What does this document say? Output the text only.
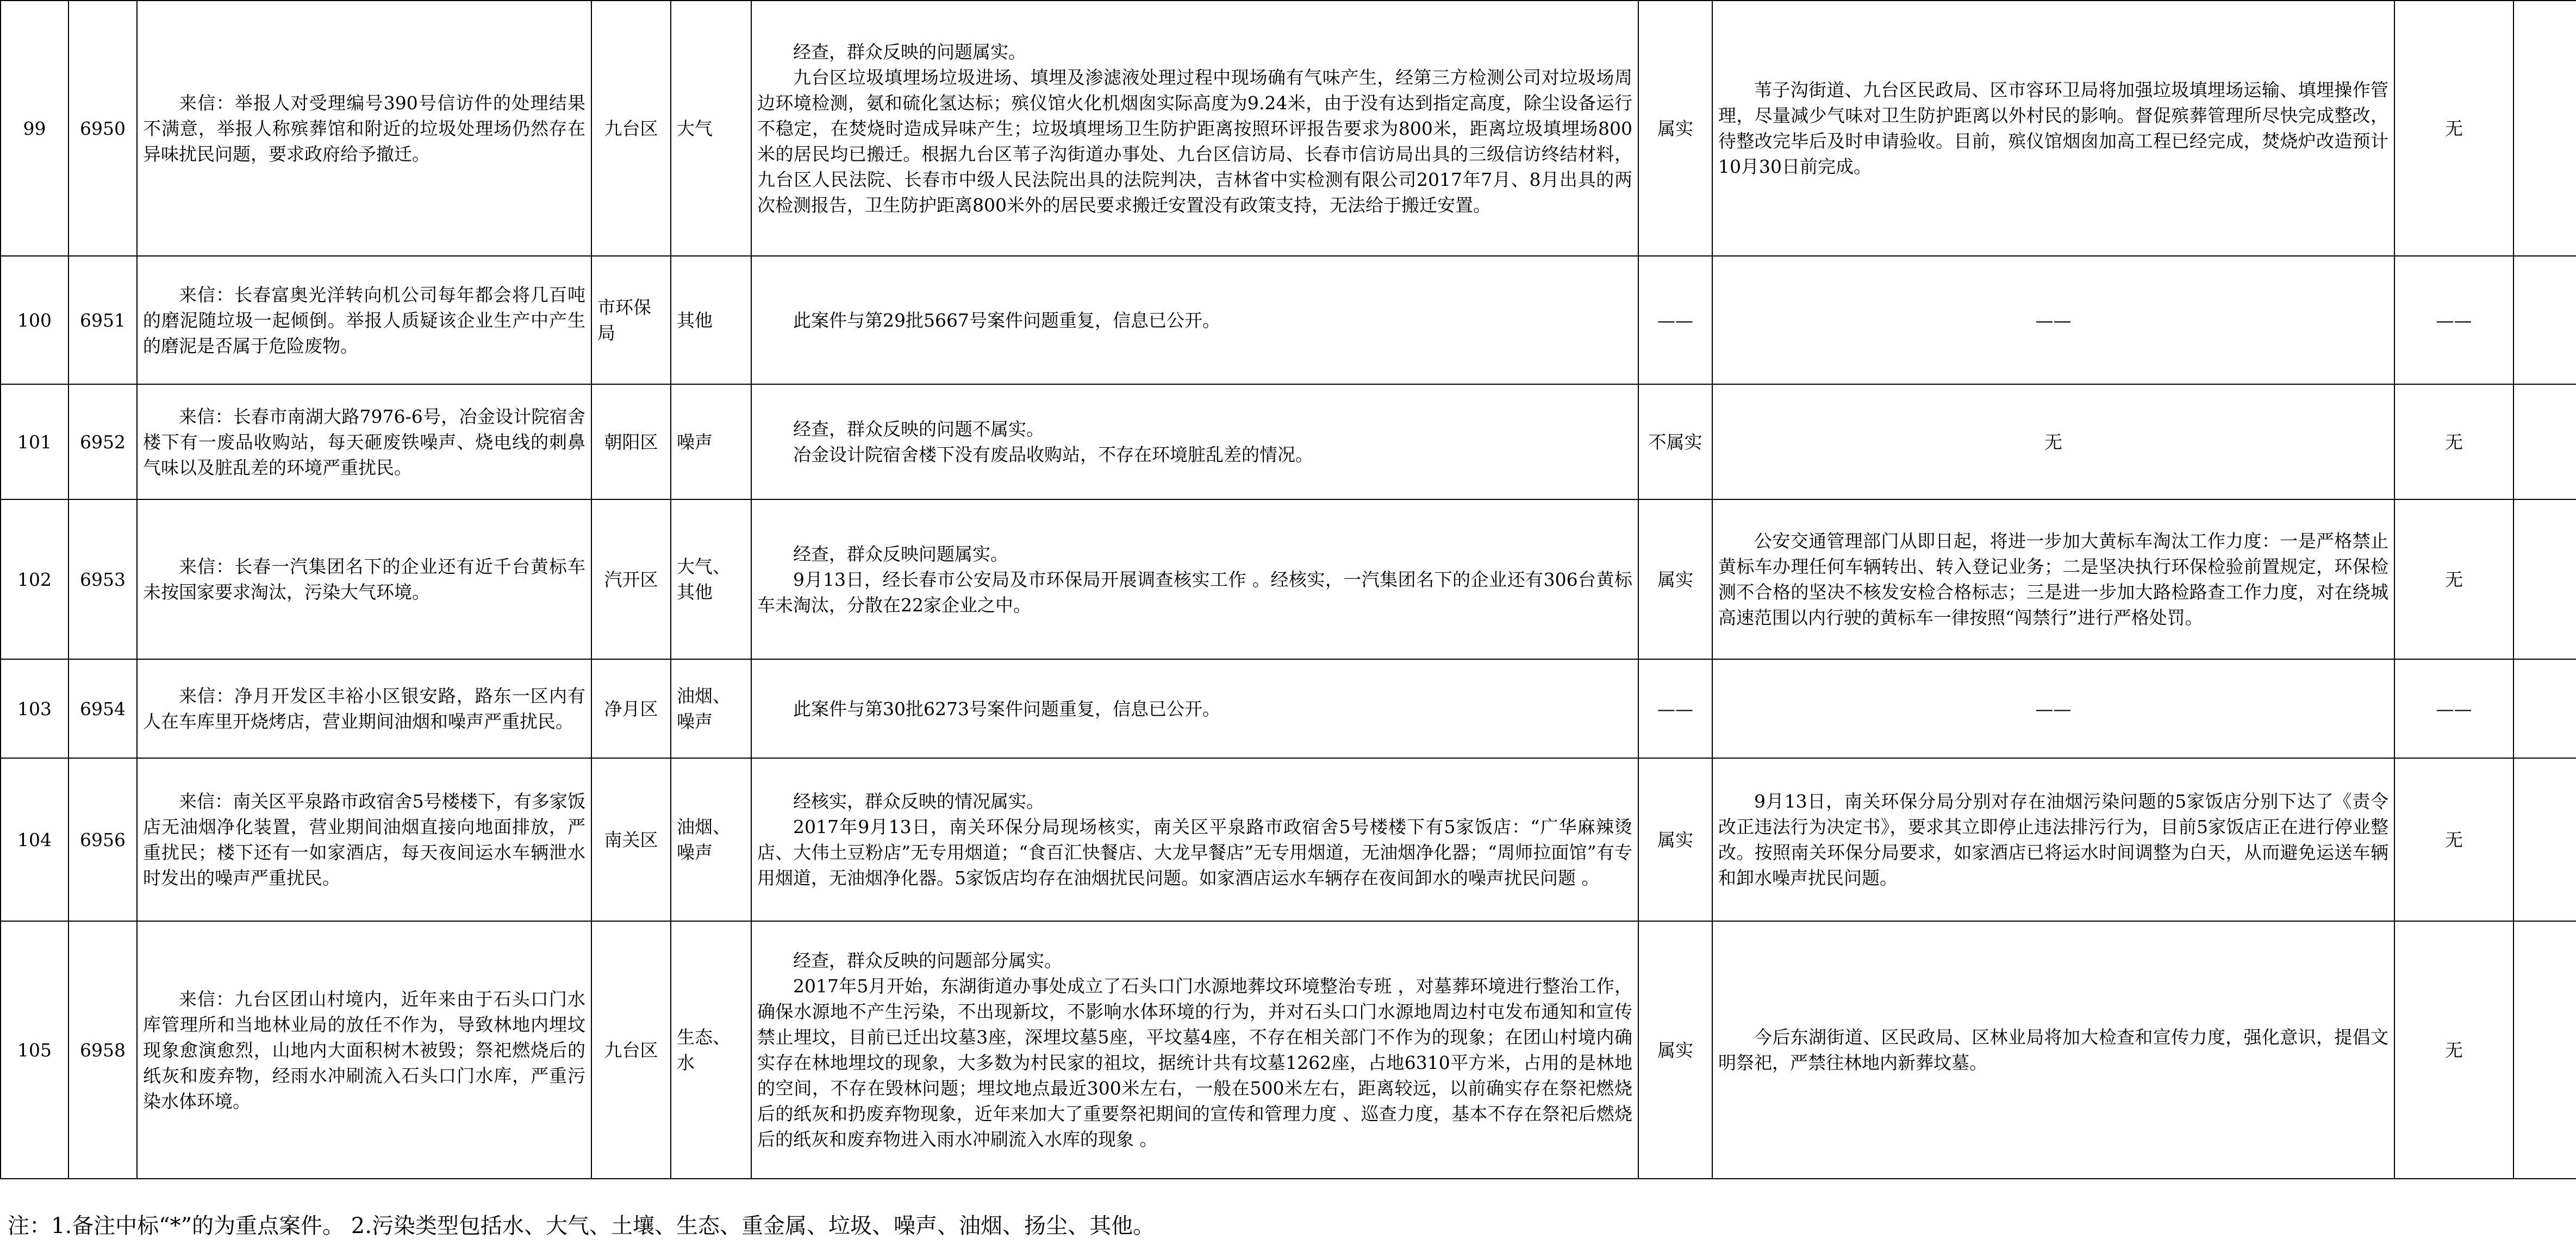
99	6950	来信：举报人对受理编号390号信访件的处理结果不满意，举报人称殡葬馆和附近的垃圾处理场仍然存在异味扰民问题，要求政府给予撤迁。	九台区	大气	经查，群众反映的问题属实。
九台区垃圾填埋场垃圾进场、填埋及渗滤液处理过程中现场确有气味产生，经第三方检测公司对垃圾场周边环境检测，氨和硫化氢达标；殡仪馆火化机烟囱实际高度为9.24米，由于没有达到指定高度，除尘设备运行不稳定，在焚烧时造成异味产生；垃圾填埋场卫生防护距离按照环评报告要求为800米，距离垃圾填埋场800米的居民均已搬迁。根据九台区苇子沟街道办事处、九台区信访局、长春市信访局出具的三级信访终结材料，九台区人民法院、长春市中级人民法院出具的法院判决，吉林省中实检测有限公司2017年7月、8月出具的两次检测报告，卫生防护距离800米外的居民要求搬迁安置没有政策支持，无法给于搬迁安置。	属实	苇子沟街道、九台区民政局、区市容环卫局将加强垃圾填埋场运输、填埋操作管理，尽量减少气味对卫生防护距离以外村民的影响。督促殡葬管理所尽快完成整改，待整改完毕后及时申请验收。目前，殡仪馆烟囱加高工程已经完成，焚烧炉改造预计10月30日前完成。	无	
100	6951	来信：长春富奥光洋转向机公司每年都会将几百吨的磨泥随垃圾一起倾倒。举报人质疑该企业生产中产生的磨泥是否属于危险废物。	市环保局	其他	此案件与第29批5667号案件问题重复，信息已公开。	——	——	——	
101	6952	来信：长春市南湖大路7976-6号，冶金设计院宿舍楼下有一废品收购站，每天砸废铁噪声、烧电线的刺鼻气味以及脏乱差的环境严重扰民。	朝阳区	噪声	经查，群众反映的问题不属实。
冶金设计院宿舍楼下没有废品收购站，不存在环境脏乱差的情况。	不属实	无	无	
102	6953	来信：长春一汽集团名下的企业还有近千台黄标车未按国家要求淘汰，污染大气环境。	汽开区	大气、其他	经查，群众反映问题属实。
9月13日，经长春市公安局及市环保局开展调查核实工作 。经核实，一汽集团名下的企业还有306台黄标车未淘汰，分散在22家企业之中。	属实	公安交通管理部门从即日起，将进一步加大黄标车淘汰工作力度：一是严格禁止黄标车办理任何车辆转出、转入登记业务；二是坚决执行环保检验前置规定，环保检测不合格的坚决不核发安检合格标志；三是进一步加大路检路查工作力度，对在绕城高速范围以内行驶的黄标车一律按照“闯禁行”进行严格处罚。	无	
103	6954	来信：净月开发区丰裕小区银安路，路东一区内有人在车库里开烧烤店，营业期间油烟和噪声严重扰民。	净月区	油烟、噪声	此案件与第30批6273号案件问题重复，信息已公开。	——	——	——	
104	6956	来信：南关区平泉路市政宿舍5号楼楼下，有多家饭店无油烟净化装置，营业期间油烟直接向地面排放，严重扰民；楼下还有一如家酒店，每天夜间运水车辆泄水时发出的噪声严重扰民。	南关区	油烟、噪声	经核实，群众反映的情况属实。
2017年9月13日，南关环保分局现场核实，南关区平泉路市政宿舍5号楼楼下有5家饭店：“广华麻辣烫店、大伟土豆粉店”无专用烟道；“食百汇快餐店、大龙早餐店”无专用烟道，无油烟净化器；“周师拉面馆”有专用烟道，无油烟净化器。5家饭店均存在油烟扰民问题。如家酒店运水车辆存在夜间卸水的噪声扰民问题 。	属实	9月13日，南关环保分局分别对存在油烟污染问题的5家饭店分别下达了《责令改正违法行为决定书》，要求其立即停止违法排污行为，目前5家饭店正在进行停业整改。按照南关环保分局要求，如家酒店已将运水时间调整为白天，从而避免运送车辆和卸水噪声扰民问题。	无	
105	6958	来信：九台区团山村境内，近年来由于石头口门水库管理所和当地林业局的放任不作为，导致林地内埋坟现象愈演愈烈，山地内大面积树木被毁；祭祀燃烧后的纸灰和废弃物，经雨水冲刷流入石头口门水库，严重污染水体环境。	九台区	生态、水	经查，群众反映的问题部分属实。
2017年5月开始，东湖街道办事处成立了石头口门水源地葬坟环境整治专班 ，对墓葬环境进行整治工作，确保水源地不产生污染，不出现新坟，不影响水体环境的行为，并对石头口门水源地周边村屯发布通知和宣传禁止埋坟，目前已迁出坟墓3座，深埋坟墓5座，平坟墓4座，不存在相关部门不作为的现象；在团山村境内确实存在林地埋坟的现象，大多数为村民家的祖坟，据统计共有坟墓1262座，占地6310平方米，占用的是林地的空间，不存在毁林问题；埋坟地点最近300米左右，一般在500米左右，距离较远，以前确实存在祭祀燃烧后的纸灰和扔废弃物现象，近年来加大了重要祭祀期间的宣传和管理力度 、巡查力度，基本不存在祭祀后燃烧后的纸灰和废弃物进入雨水冲刷流入水库的现象 。	属实	今后东湖街道、区民政局、区林业局将加大检查和宣传力度，强化意识，提倡文明祭祀，严禁往林地内新葬坟墓。	无	
注：1.备注中标“*”的为重点案件。 2.污染类型包括水、大气、土壤、生态、重金属、垃圾、噪声、油烟、扬尘、其他。
